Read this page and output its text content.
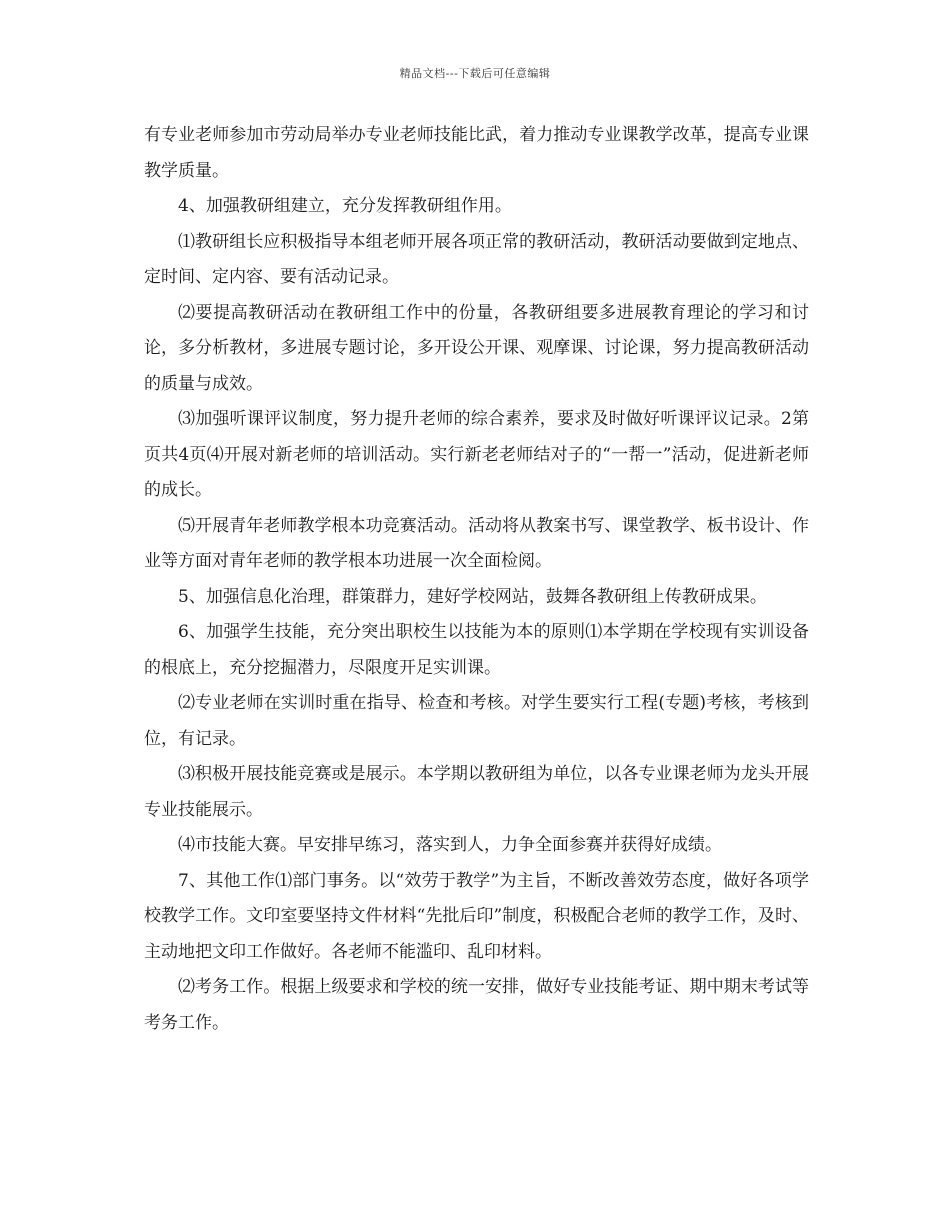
精品文档---下载后可任意编辑

有专业老师参加市劳动局举办专业老师技能比武，着力推动专业课教学改革，提高专业课教学质量。

4、加强教研组建立，充分发挥教研组作用。

⑴教研组长应积极指导本组老师开展各项正常的教研活动，教研活动要做到定地点、定时间、定内容、要有活动记录。

⑵要提高教研活动在教研组工作中的份量，各教研组要多进展教育理论的学习和讨论，多分析教材，多进展专题讨论，多开设公开课、观摩课、讨论课，努力提高教研活动的质量与成效。

⑶加强听课评议制度，努力提升老师的综合素养，要求及时做好听课评议记录。2第页共4页⑷开展对新老师的培训活动。实行新老老师结对子的“一帮一”活动，促进新老师的成长。

⑸开展青年老师教学根本功竞赛活动。活动将从教案书写、课堂教学、板书设计、作业等方面对青年老师的教学根本功进展一次全面检阅。

5、加强信息化治理，群策群力，建好学校网站，鼓舞各教研组上传教研成果。

6、加强学生技能，充分突出职校生以技能为本的原则⑴本学期在学校现有实训设备的根底上，充分挖掘潜力，尽限度开足实训课。

⑵专业老师在实训时重在指导、检查和考核。对学生要实行工程(专题)考核，考核到位，有记录。

⑶积极开展技能竞赛或是展示。本学期以教研组为单位，以各专业课老师为龙头开展专业技能展示。

⑷市技能大赛。早安排早练习，落实到人，力争全面参赛并获得好成绩。

7、其他工作⑴部门事务。以“效劳于教学”为主旨，不断改善效劳态度，做好各项学校教学工作。文印室要坚持文件材料“先批后印”制度，积极配合老师的教学工作，及时、主动地把文印工作做好。各老师不能滥印、乱印材料。

⑵考务工作。根据上级要求和学校的统一安排，做好专业技能考证、期中期末考试等考务工作。
